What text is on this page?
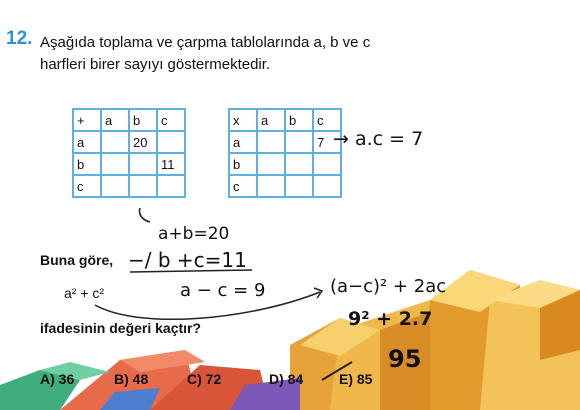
12. Aşağıda toplama ve çarpma tablolarında a, b ve c
harfleri birer sayıyı göstermektedir.
+	a	b	c
a		20	
b			11
c			
x	a	b	c
a			7
b			
c			
→ a.c = 7
a+b=20
−/ b +c=11
a − c = 9	(a−c)² + 2ac
9² + 2.7
95
Buna göre,
a² + c²
ifadesinin değeri kaçtır?
A) 36	B) 48	C) 72	D) 84	E) 85
